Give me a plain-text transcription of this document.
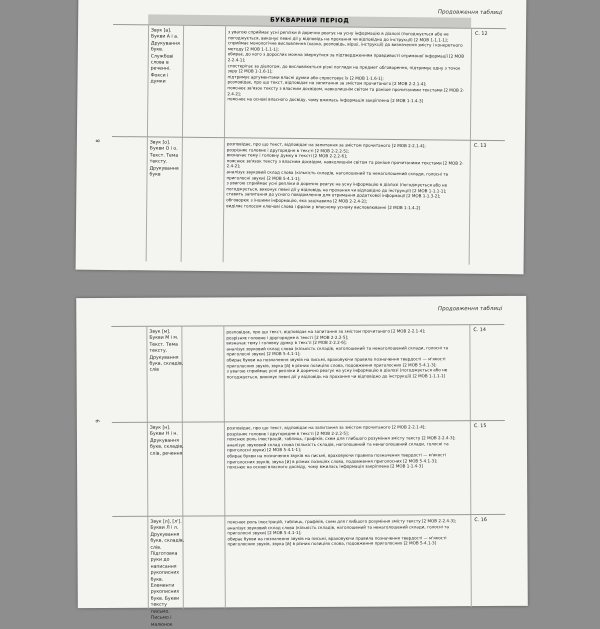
Продовження таблиці
БУКВАРНИЙ ПЕРІОД
8
Звук [а]. Букви А і а. Друкування букв. Службові слова в реченні. Фокси і думки

з увагою сприймає усні репліки й доречно реагує на усну інформацію в діалозі (погоджується або не погоджується, виконує певні дії у відповідь на прохання чи відповідно до інструкції) [2 МОВ 1-1.1-1];

сприймає монологічне висловлення (казка, розповідь, вірші, інструкції) до визначення змісту і конкретного методу [2 МОВ 1-1.1-1];

обирає, до кого з дорослих можна звернутися за підтвердженням правдивості отриманої інформації [2 МОВ 2-2.4-1];

спостерігає за діалогом, до висловлюється різні погляди на предмет обговорення, підтримує одну з точок зору [2 МОВ 1-1.6-1];

підтримує аргументами власні думки або спростовує їх [2 МОВ 1-1.6-1];

розповідає, про що текст, відповідає на запитання за змістом прочитаного [2 МОВ 2-2.1-4];

пояснює зв'язок тексту з власним досвідом, навколишнім світом та раніше прочитаними текстами [2 МОВ 2-2.4-2];

пояснює на основі власного досвіду, чому вжилась інформація закріплена [2 МОВ 1-1.4-3]

С. 12
Звук [о]. Букви О і о. Текст. Тема тексту. Друкування букв

розповідає, про що текст, відповідає на запитання за змістом прочитаного [2 МОВ 2-2.1-4];

розрізняє головне і другорядне в тексті [2 МОВ 2-2.2-5];

визначає тему і головну думку в тексті [2 МОВ 2-2.2-6];

пояснює зв'язок тексту з власним досвідом, навколишнім світом та раніше прочитаними текстами [2 МОВ 2-2.4-2];

аналізує звуковий склад слова (кількість складів, наголошений та ненаголошений склади, голосні та приголосні звуки) [2 МОВ 5-4.1-1];

з увагою сприймає усні репліки й доречно реагує на усну інформацію в діалозі (погоджується або не погоджується, виконує певні дії у відповідь на прохання чи відповідно до інструкції) [2 МОВ 1-1.1-1];

ставить запитання до усного повідомлення для отримання додаткової інформації [2 МОВ 1-1.3-2];

обговорює з іншими інформацію, яка зацікавила [2 МОВ 2-2.4-2];

виділяє голосом ключові слова і фрази у власному усному висловлюванні [2 МОВ 1-1.4-2]

С. 13
Продовження таблиці
9
Звук [м]. Букви М і м. Текст. Тема тексту. Друкування букв, складів, слів

розповідає, про що текст, відповідає на запитання за змістом прочитаного [2 МОВ 2-2.1-4];

розрізняє головне і другорядне в тексті [2 МОВ 2-2.2-5];

визначає тему і головну думку в тексті [2 МОВ 2-2.2-6];

аналізує звуковий склад слова (кількість складів, наголошений та ненаголошений склади, голосні та приголосні звуки) [2 МОВ 5-4.1-1];

обирає букви на позначення звуків на письмі, враховуючи правила позначення твердості — м'якості приголосних звуків, звука [й] в різних позиціях слова, подовження приголосних [2 МОВ 5-4.1-3];

з увагою сприймає усні репліки й доречно реагує на усну інформацію в діалозі (погоджується або не погоджується, виконує певні дії у відповідь на прохання чи відповідно до інструкції) [2 МОВ 1-1.1-1]

С. 14
Звук [н]. Букви Н і н. Друкування букв, складів, слів, речення

розповідає, про що текст, відповідає на запитання за змістом прочитаного [2 МОВ 2-2.1-4];

розрізняє головне і другорядне в тексті [2 МОВ 2-2.2-5];

пояснює роль ілюстрацій, таблиць, графіків, схем для глибшого розуміння змісту тексту [2 МОВ 2-2.4-3];

аналізує звуковий склад слова (кількість складів, наголошений та ненаголошений склади, голосні та приголосні звуки) [2 МОВ 5-4.1-1];

обирає букви на позначення звуків на письмі, враховуючи правила позначення твердості — м'якості приголосних звуків, звука [й] в різних позиціях слова, подовження приголосних [2 МОВ 5-4.1-3];

пояснює на основі власного досвіду, чому вжилась інформація закріплена [2 МОВ 1-1.4-3]

С. 15
Звук [л], [л']. Букви Л і л. Друкування букв, складів, слів. Підготовка руки до написання рукописних букв. Елементи рукописних букв. Букви тексту письмо. Письмо і малюнок

пояснює роль ілюстрацій, таблиць, графіків, схем для глибшого розуміння змісту тексту [2 МОВ 2-2.4-3];

аналізує звуковий склад слова (кількість складів, наголошений та ненаголошений склади, голосні та приголосні звуки) [2 МОВ 5-4.1-1];

обирає букви на позначення звуків на письмі, враховуючи правила позначення твердості — м'якості приголосних звуків, звука [й] в різних позиціях слова, подовження приголосних [2 МОВ 5-4.1-3]

С. 16
